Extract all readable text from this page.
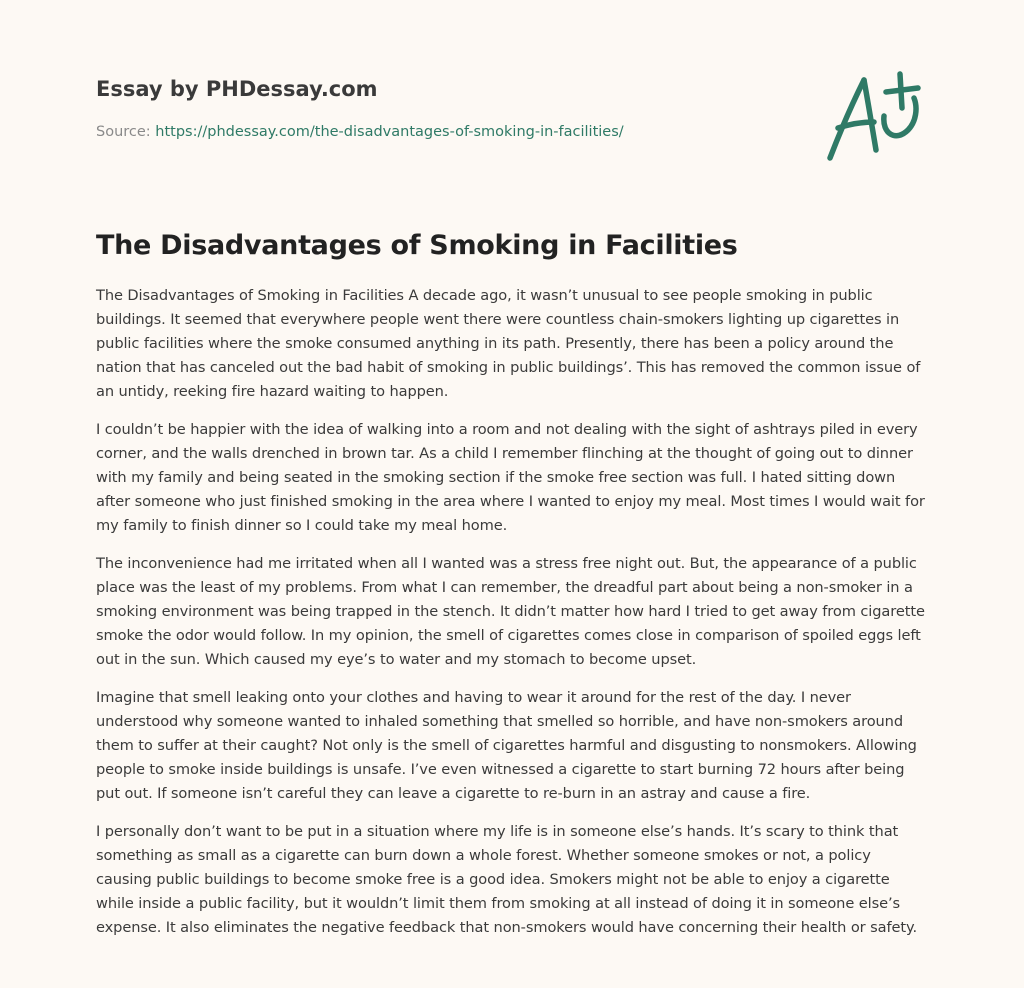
Essay by PHDessay.com
Source: https://phdessay.com/the-disadvantages-of-smoking-in-facilities/
The Disadvantages of Smoking in Facilities

The Disadvantages of Smoking in Facilities A decade ago, it wasn’t unusual to see people smoking in public buildings. It seemed that everywhere people went there were countless chain-smokers lighting up cigarettes in public facilities where the smoke consumed anything in its path. Presently, there has been a policy around the nation that has canceled out the bad habit of smoking in public buildings’. This has removed the common issue of an untidy, reeking fire hazard waiting to happen.

I couldn’t be happier with the idea of walking into a room and not dealing with the sight of ashtrays piled in every corner, and the walls drenched in brown tar. As a child I remember flinching at the thought of going out to dinner with my family and being seated in the smoking section if the smoke free section was full. I hated sitting down after someone who just finished smoking in the area where I wanted to enjoy my meal. Most times I would wait for my family to finish dinner so I could take my meal home.

The inconvenience had me irritated when all I wanted was a stress free night out. But, the appearance of a public place was the least of my problems. From what I can remember, the dreadful part about being a non-smoker in a smoking environment was being trapped in the stench. It didn’t matter how hard I tried to get away from cigarette smoke the odor would follow. In my opinion, the smell of cigarettes comes close in comparison of spoiled eggs left out in the sun. Which caused my eye’s to water and my stomach to become upset.

Imagine that smell leaking onto your clothes and having to wear it around for the rest of the day. I never understood why someone wanted to inhaled something that smelled so horrible, and have non-smokers around them to suffer at their caught? Not only is the smell of cigarettes harmful and disgusting to nonsmokers. Allowing people to smoke inside buildings is unsafe. I’ve even witnessed a cigarette to start burning 72 hours after being put out. If someone isn’t careful they can leave a cigarette to re-burn in an astray and cause a fire.

I personally don’t want to be put in a situation where my life is in someone else’s hands. It’s scary to think that something as small as a cigarette can burn down a whole forest. Whether someone smokes or not, a policy causing public buildings to become smoke free is a good idea. Smokers might not be able to enjoy a cigarette while inside a public facility, but it wouldn’t limit them from smoking at all instead of doing it in someone else’s expense. It also eliminates the negative feedback that non-smokers would have concerning their health or safety.
